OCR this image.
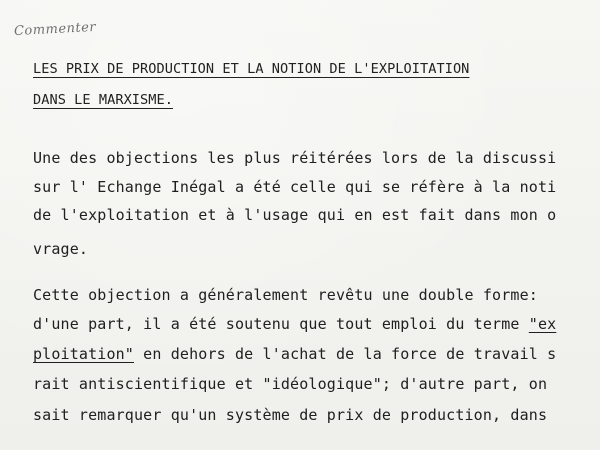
Commenter
LES PRIX DE PRODUCTION ET LA NOTION DE L'EXPLOITATION
DANS LE MARXISME.
Une des objections les plus réitérées lors de la discussi
sur l' Echange Inégal a été celle qui se réfère à la noti
de l'exploitation et à l'usage qui en est fait dans mon o
vrage.
Cette objection a généralement revêtu une double forme:
d'une part, il a été soutenu que tout emploi du terme "ex
ploitation" en dehors de l'achat de la force de travail s
rait antiscientifique et "idéologique"; d'autre part, on
sait remarquer qu'un système de prix de production, dans
